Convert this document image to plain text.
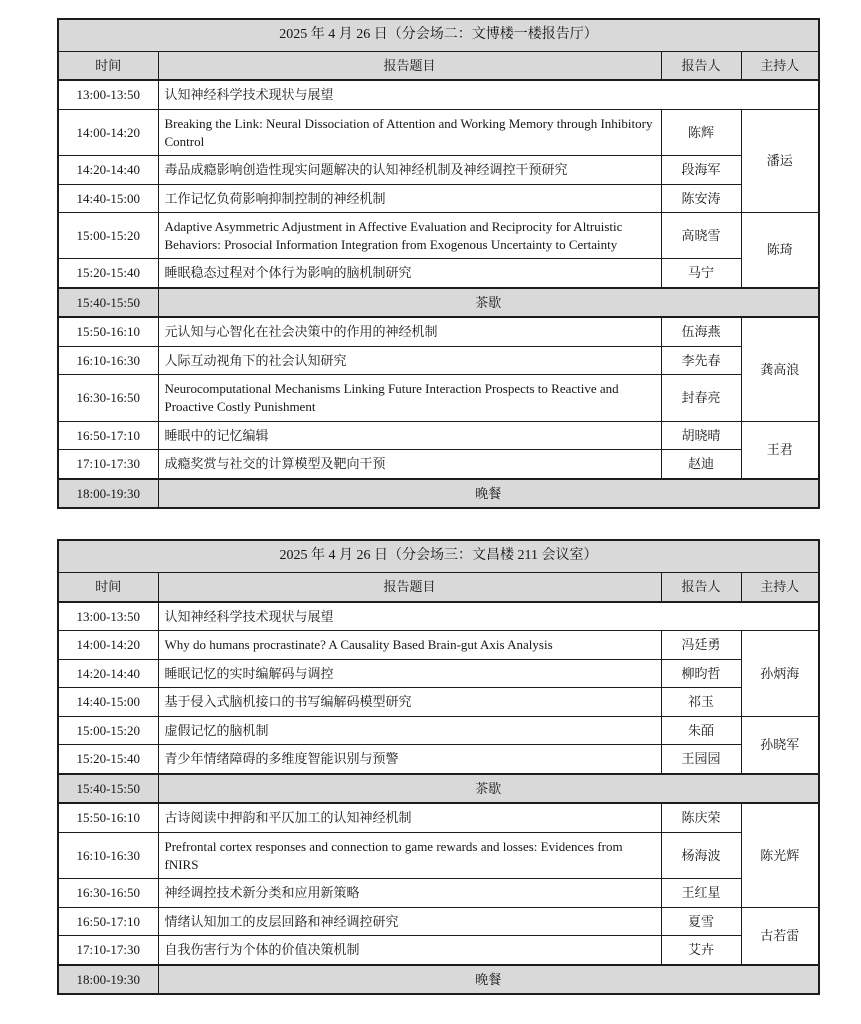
2025 年 4 月 26 日（分会场二：文博楼一楼报告厅）			
时间	报告题目	报告人	主持人
13:00-13:50	认知神经科学技术现状与展望		
14:00-14:20	Breaking the Link: Neural Dissociation of Attention and Working Memory through Inhibitory Control	陈辉	潘运
14:20-14:40	毒品成瘾影响创造性现实问题解决的认知神经机制及神经调控干预研究	段海军	
14:40-15:00	工作记忆负荷影响抑制控制的神经机制	陈安涛	
15:00-15:20	Adaptive Asymmetric Adjustment in Affective Evaluation and Reciprocity for Altruistic Behaviors: Prosocial Information Integration from Exogenous Uncertainty to Certainty	高晓雪	陈琦
15:20-15:40	睡眠稳态过程对个体行为影响的脑机制研究	马宁	
15:40-15:50	茶歇		
15:50-16:10	元认知与心智化在社会决策中的作用的神经机制	伍海燕	龚高浪
16:10-16:30	人际互动视角下的社会认知研究	李先春	
16:30-16:50	Neurocomputational Mechanisms Linking Future Interaction Prospects to Reactive and Proactive Costly Punishment	封春亮	
16:50-17:10	睡眠中的记忆编辑	胡晓晴	王君
17:10-17:30	成瘾奖赏与社交的计算模型及靶向干预	赵迪	
18:00-19:30	晚餐		
2025 年 4 月 26 日（分会场三：文昌楼 211 会议室）			
时间	报告题目	报告人	主持人
13:00-13:50	认知神经科学技术现状与展望		
14:00-14:20	Why do humans procrastinate? A Causality Based Brain-gut Axis Analysis	冯廷勇	孙炳海
14:20-14:40	睡眠记忆的实时编解码与调控	柳昀哲	
14:40-15:00	基于侵入式脑机接口的书写编解码模型研究	祁玉	
15:00-15:20	虚假记忆的脑机制	朱皕	孙晓军
15:20-15:40	青少年情绪障碍的多维度智能识别与预警	王园园	
15:40-15:50	茶歇		
15:50-16:10	古诗阅读中押韵和平仄加工的认知神经机制	陈庆荣	陈光辉
16:10-16:30	Prefrontal cortex responses and connection to game rewards and losses: Evidences from fNIRS	杨海波	
16:30-16:50	神经调控技术新分类和应用新策略	王红星	
16:50-17:10	情绪认知加工的皮层回路和神经调控研究	夏雪	古若雷
17:10-17:30	自我伤害行为个体的价值决策机制	艾卉	
18:00-19:30	晚餐		
